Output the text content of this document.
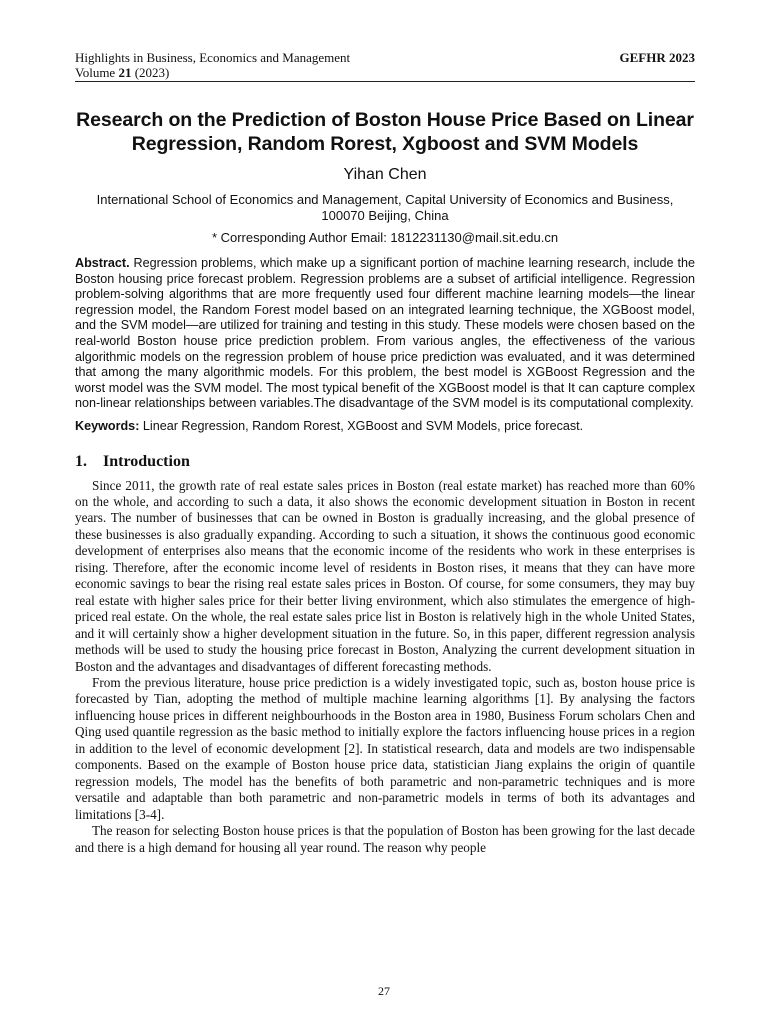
Highlights in Business, Economics and Management	GEFHR 2023
Volume 21 (2023)
Research on the Prediction of Boston House Price Based on Linear Regression, Random Rorest, Xgboost and SVM Models
Yihan Chen
International School of Economics and Management, Capital University of Economics and Business, 100070 Beijing, China
* Corresponding Author Email: 1812231130@mail.sit.edu.cn
Abstract. Regression problems, which make up a significant portion of machine learning research, include the Boston housing price forecast problem. Regression problems are a subset of artificial intelligence. Regression problem-solving algorithms that are more frequently used four different machine learning models—the linear regression model, the Random Forest model based on an integrated learning technique, the XGBoost model, and the SVM model—are utilized for training and testing in this study. These models were chosen based on the real-world Boston house price prediction problem. From various angles, the effectiveness of the various algorithmic models on the regression problem of house price prediction was evaluated, and it was determined that among the many algorithmic models. For this problem, the best model is XGBoost Regression and the worst model was the SVM model. The most typical benefit of the XGBoost model is that It can capture complex non-linear relationships between variables.The disadvantage of the SVM model is its computational complexity.
Keywords: Linear Regression, Random Rorest, XGBoost and SVM Models, price forecast.
1. Introduction

Since 2011, the growth rate of real estate sales prices in Boston (real estate market) has reached more than 60% on the whole, and according to such a data, it also shows the economic development situation in Boston in recent years. The number of businesses that can be owned in Boston is gradually increasing, and the global presence of these businesses is also gradually expanding. According to such a situation, it shows the continuous good economic development of enterprises also means that the economic income of the residents who work in these enterprises is rising. Therefore, after the economic income level of residents in Boston rises, it means that they can have more economic savings to bear the rising real estate sales prices in Boston. Of course, for some consumers, they may buy real estate with higher sales price for their better living environment, which also stimulates the emergence of high-priced real estate. On the whole, the real estate sales price list in Boston is relatively high in the whole United States, and it will certainly show a higher development situation in the future. So, in this paper, different regression analysis methods will be used to study the housing price forecast in Boston, Analyzing the current development situation in Boston and the advantages and disadvantages of different forecasting methods.

From the previous literature, house price prediction is a widely investigated topic, such as, boston house price is forecasted by Tian, adopting the method of multiple machine learning algorithms [1]. By analysing the factors influencing house prices in different neighbourhoods in the Boston area in 1980, Business Forum scholars Chen and Qing used quantile regression as the basic method to initially explore the factors influencing house prices in a region in addition to the level of economic development [2]. In statistical research, data and models are two indispensable components. Based on the example of Boston house price data, statistician Jiang explains the origin of quantile regression models, The model has the benefits of both parametric and non-parametric techniques and is more versatile and adaptable than both parametric and non-parametric models in terms of both its advantages and limitations [3-4].

The reason for selecting Boston house prices is that the population of Boston has been growing for the last decade and there is a high demand for housing all year round. The reason why people

27
